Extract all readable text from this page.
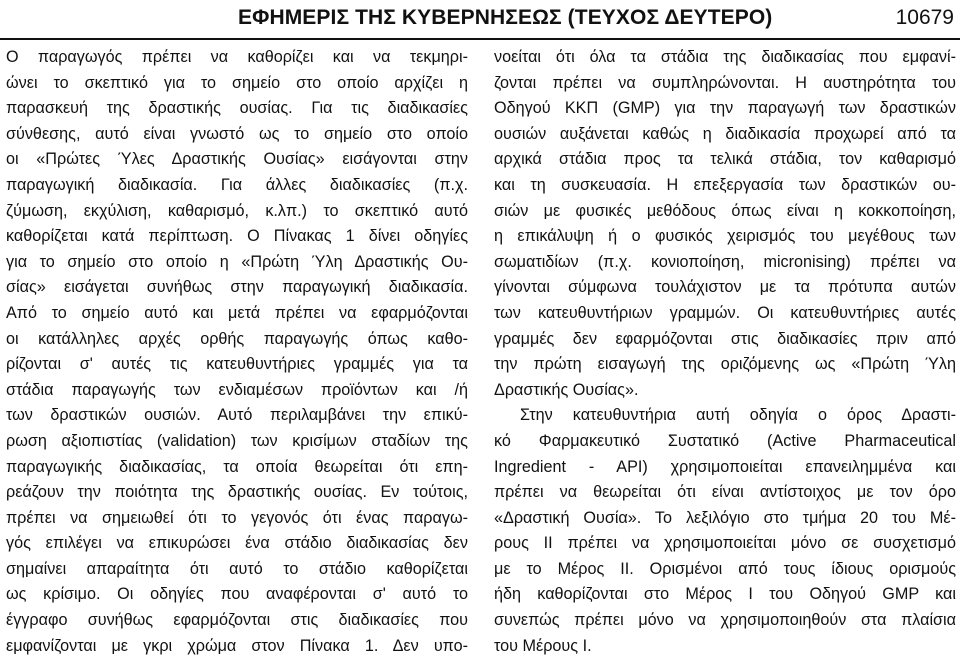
ΕΦΗΜΕΡΙΣ ΤΗΣ ΚΥΒΕΡΝΗΣΕΩΣ (ΤΕΥΧΟΣ ΔΕΥΤΕΡΟ)	10679
Ο παραγωγός πρέπει να καθορίζει και να τεκμηρι-
ώνει το σκεπτικό για το σημείο στο οποίο αρχίζει η
παρασκευή της δραστικής ουσίας. Για τις διαδικασίες
σύνθεσης, αυτό είναι γνωστό ως το σημείο στο οποίο
οι «Πρώτες Ύλες Δραστικής Ουσίας» εισάγονται στην
παραγωγική διαδικασία. Για άλλες διαδικασίες (π.χ.
ζύμωση, εκχύλιση, καθαρισμό, κ.λπ.) το σκεπτικό αυτό
καθορίζεται κατά περίπτωση. Ο Πίνακας 1 δίνει οδηγίες
για το σημείο στο οποίο η «Πρώτη Ύλη Δραστικής Ου-
σίας» εισάγεται συνήθως στην παραγωγική διαδικασία.
Από το σημείο αυτό και μετά πρέπει να εφαρμόζονται
οι κατάλληλες αρχές ορθής παραγωγής όπως καθο-
ρίζονται σ' αυτές τις κατευθυντήριες γραμμές για τα
στάδια παραγωγής των ενδιαμέσων προϊόντων και /ή
των δραστικών ουσιών. Αυτό περιλαμβάνει την επικύ-
ρωση αξιοπιστίας (validation) των κρισίμων σταδίων της
παραγωγικής διαδικασίας, τα οποία θεωρείται ότι επη-
ρεάζουν την ποιότητα της δραστικής ουσίας. Εν τούτοις,
πρέπει να σημειωθεί ότι το γεγονός ότι ένας παραγω-
γός επιλέγει να επικυρώσει ένα στάδιο διαδικασίας δεν
σημαίνει απαραίτητα ότι αυτό το στάδιο καθορίζεται
ως κρίσιμο. Οι οδηγίες που αναφέρονται σ' αυτό το
έγγραφο συνήθως εφαρμόζονται στις διαδικασίες που
εμφανίζονται με γκρι χρώμα στον Πίνακα 1. Δεν υπο-
νοείται ότι όλα τα στάδια της διαδικασίας που εμφανί-
ζονται πρέπει να συμπληρώνονται. Η αυστηρότητα του
Οδηγού ΚΚΠ (GMP) για την παραγωγή των δραστικών
ουσιών αυξάνεται καθώς η διαδικασία προχωρεί από τα
αρχικά στάδια προς τα τελικά στάδια, τον καθαρισμό
και τη συσκευασία. Η επεξεργασία των δραστικών ου-
σιών με φυσικές μεθόδους όπως είναι η κοκκοποίηση,
η επικάλυψη ή ο φυσικός χειρισμός του μεγέθους των
σωματιδίων (π.χ. κονιοποίηση, micronising) πρέπει να
γίνονται σύμφωνα τουλάχιστον με τα πρότυπα αυτών
των κατευθυντήριων γραμμών. Οι κατευθυντήριες αυτές
γραμμές δεν εφαρμόζονται στις διαδικασίες πριν από
την πρώτη εισαγωγή της οριζόμενης ως «Πρώτη Ύλη
Δραστικής Ουσίας».
Στην κατευθυντήρια αυτή οδηγία ο όρος Δραστι-
κό Φαρμακευτικό Συστατικό (Active Pharmaceutical
Ingredient - API) χρησιμοποιείται επανειλημμένα και
πρέπει να θεωρείται ότι είναι αντίστοιχος με τον όρο
«Δραστική Ουσία». Το λεξιλόγιο στο τμήμα 20 του Μέ-
ρους ΙΙ πρέπει να χρησιμοποιείται μόνο σε συσχετισμό
με το Μέρος ΙΙ. Ορισμένοι από τους ίδιους ορισμούς
ήδη καθορίζονται στο Μέρος Ι του Οδηγού GMP και
συνεπώς πρέπει μόνο να χρησιμοποιηθούν στα πλαίσια
του Μέρους Ι.
